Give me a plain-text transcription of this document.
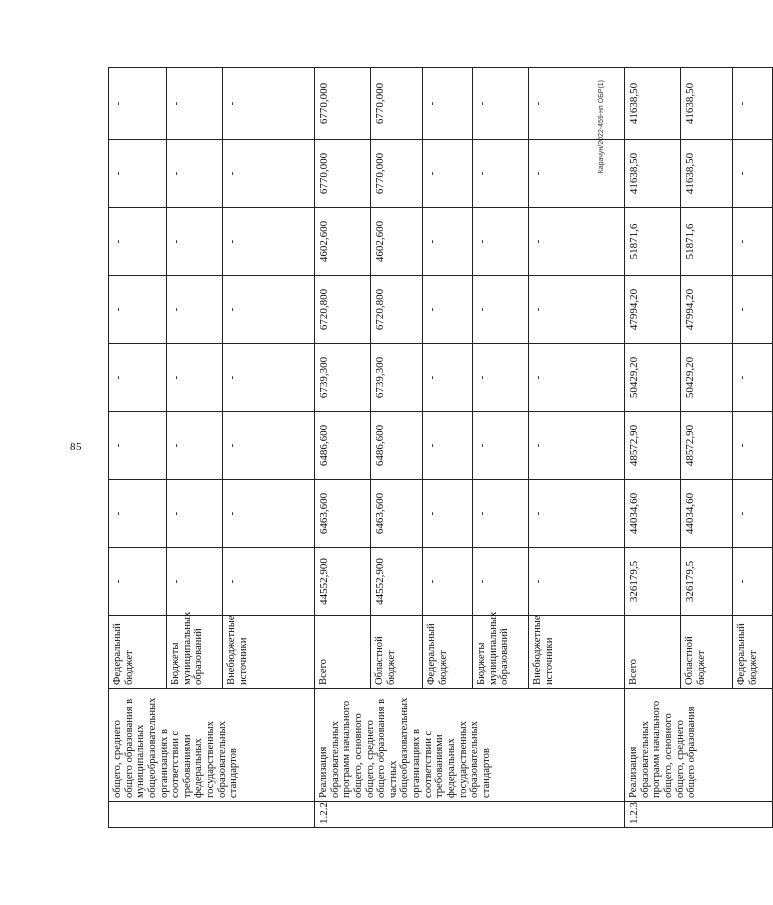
85
Карачун/2022-459-нп ОБР(1)
	общего, среднего общего образования в муниципальных общеобразовательных организациях в соответствии с требованиями федеральных государственных образовательных стандартов	Федеральный бюджет	-	-	-	-	-	-	-	-
		Бюджеты муниципальных образований	-	-	-	-	-	-	-	-
		Внебюджетные источники	-	-	-	-	-	-	-	-
1.2.2	Реализация образовательных программ начального общего, основного общего, среднего общего образования в частных общеобразовательных организациях в соответствии с требованиями федеральных государственных образовательных стандартов	Всего	44552,900	6463,600	6486,600	6739,300	6720,800	4602,600	6770,000	6770,000
		Областной бюджет	44552,900	6463,600	6486,600	6739,300	6720,800	4602,600	6770,000	6770,000
		Федеральный бюджет	-	-	-	-	-	-	-	-
		Бюджеты муниципальных образований	-	-	-	-	-	-	-	-
		Внебюджетные источники	-	-	-	-	-	-	-	-
1.2.3	Реализация образовательных программ начального общего, основного общего, среднего общего образования	Всего	326179,5	44034,60	48572,90	50429,20	47994,20	51871,6	41638,50	41638,50
		Областной бюджет	326179,5	44034,60	48572,90	50429,20	47994,20	51871,6	41638,50	41638,50
		Федеральный бюджет	-	-	-	-	-	-	-	-
